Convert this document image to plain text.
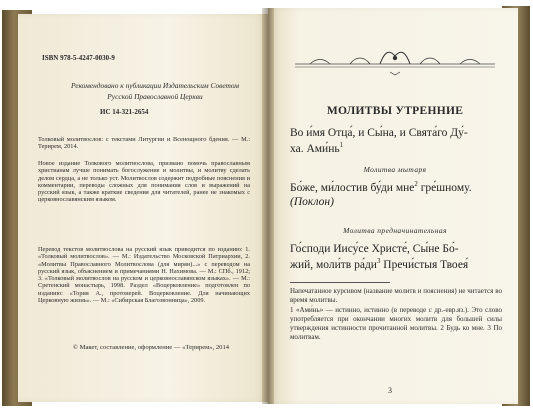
ISBN 978-5-4247-0030-9
Рекомендовано к публикации Издательским Советом Русской Православной Церкви
ИС 14-321-2654
Толковый молитвослов: с текстами Литургии и Всенощного бдения. — М.: Терирем, 2014.
Новое издание Толкового молитвослова, призвано помочь православным христианам лучше понимать богослужение и молитвы, и молитву сделать делом сердца, а не только уст. Молитвослов содержит подробные пояснения и комментарии, переводы сложных для понимания слов и выражений на русский язык, а также краткие сведения для читателей, ранее не знакомых с церковнославянским языком.
Перевод текстов молитвослова на русский язык приводится по изданию: 1. «Толковый молитвослов». — М.: Издательство Московской Патриархии, 2. «Молитвы Православного Молитвослова (для мирян)...» с переводом на русский язык, объяснением и примечаниями Н. Нахимова. — М.: СПб., 1912; 3. «Толковый молитвослов на русском и церковнославянском языках». — М.: Сретенский монастырь, 1998. Раздел «Воцерковление» подготовлен по изданию: «Тория А., протоиерей. Воцерковление. Для начинающих Церковную жизнь». — М.: «Сибирская Благозвонница», 2009.
© Макет, составление, оформление — «Терирем», 2014
МОЛИТВЫ УТРЕННИЕ
Во и́мя Отца́, и Сы́на, и Свята́го Ду́-
ха. $Ами́нь^1$
Молитва мытаря
Бо́же, ми́лостив бу́ди мне$^2$ гре́шному.
(Поклон)
Молитва предначинательная
Го́споди Иису́се Христе́, Сы́не Бо́-
жий, моли́тв $ра́ди^3$ Пречи́стыя Твоея́
Напечатанное курсивом (название молитв и пояснения) не читается во время молитвы.
1 «Ами́нь» — истинно, истинно (в переводе с др.-евр.яз.). Это слово употребляется при окончании многих молитв для большей силы утверждения истинности прочитанной молитвы. 2 Будь ко мне. 3 По молитвам.
3
